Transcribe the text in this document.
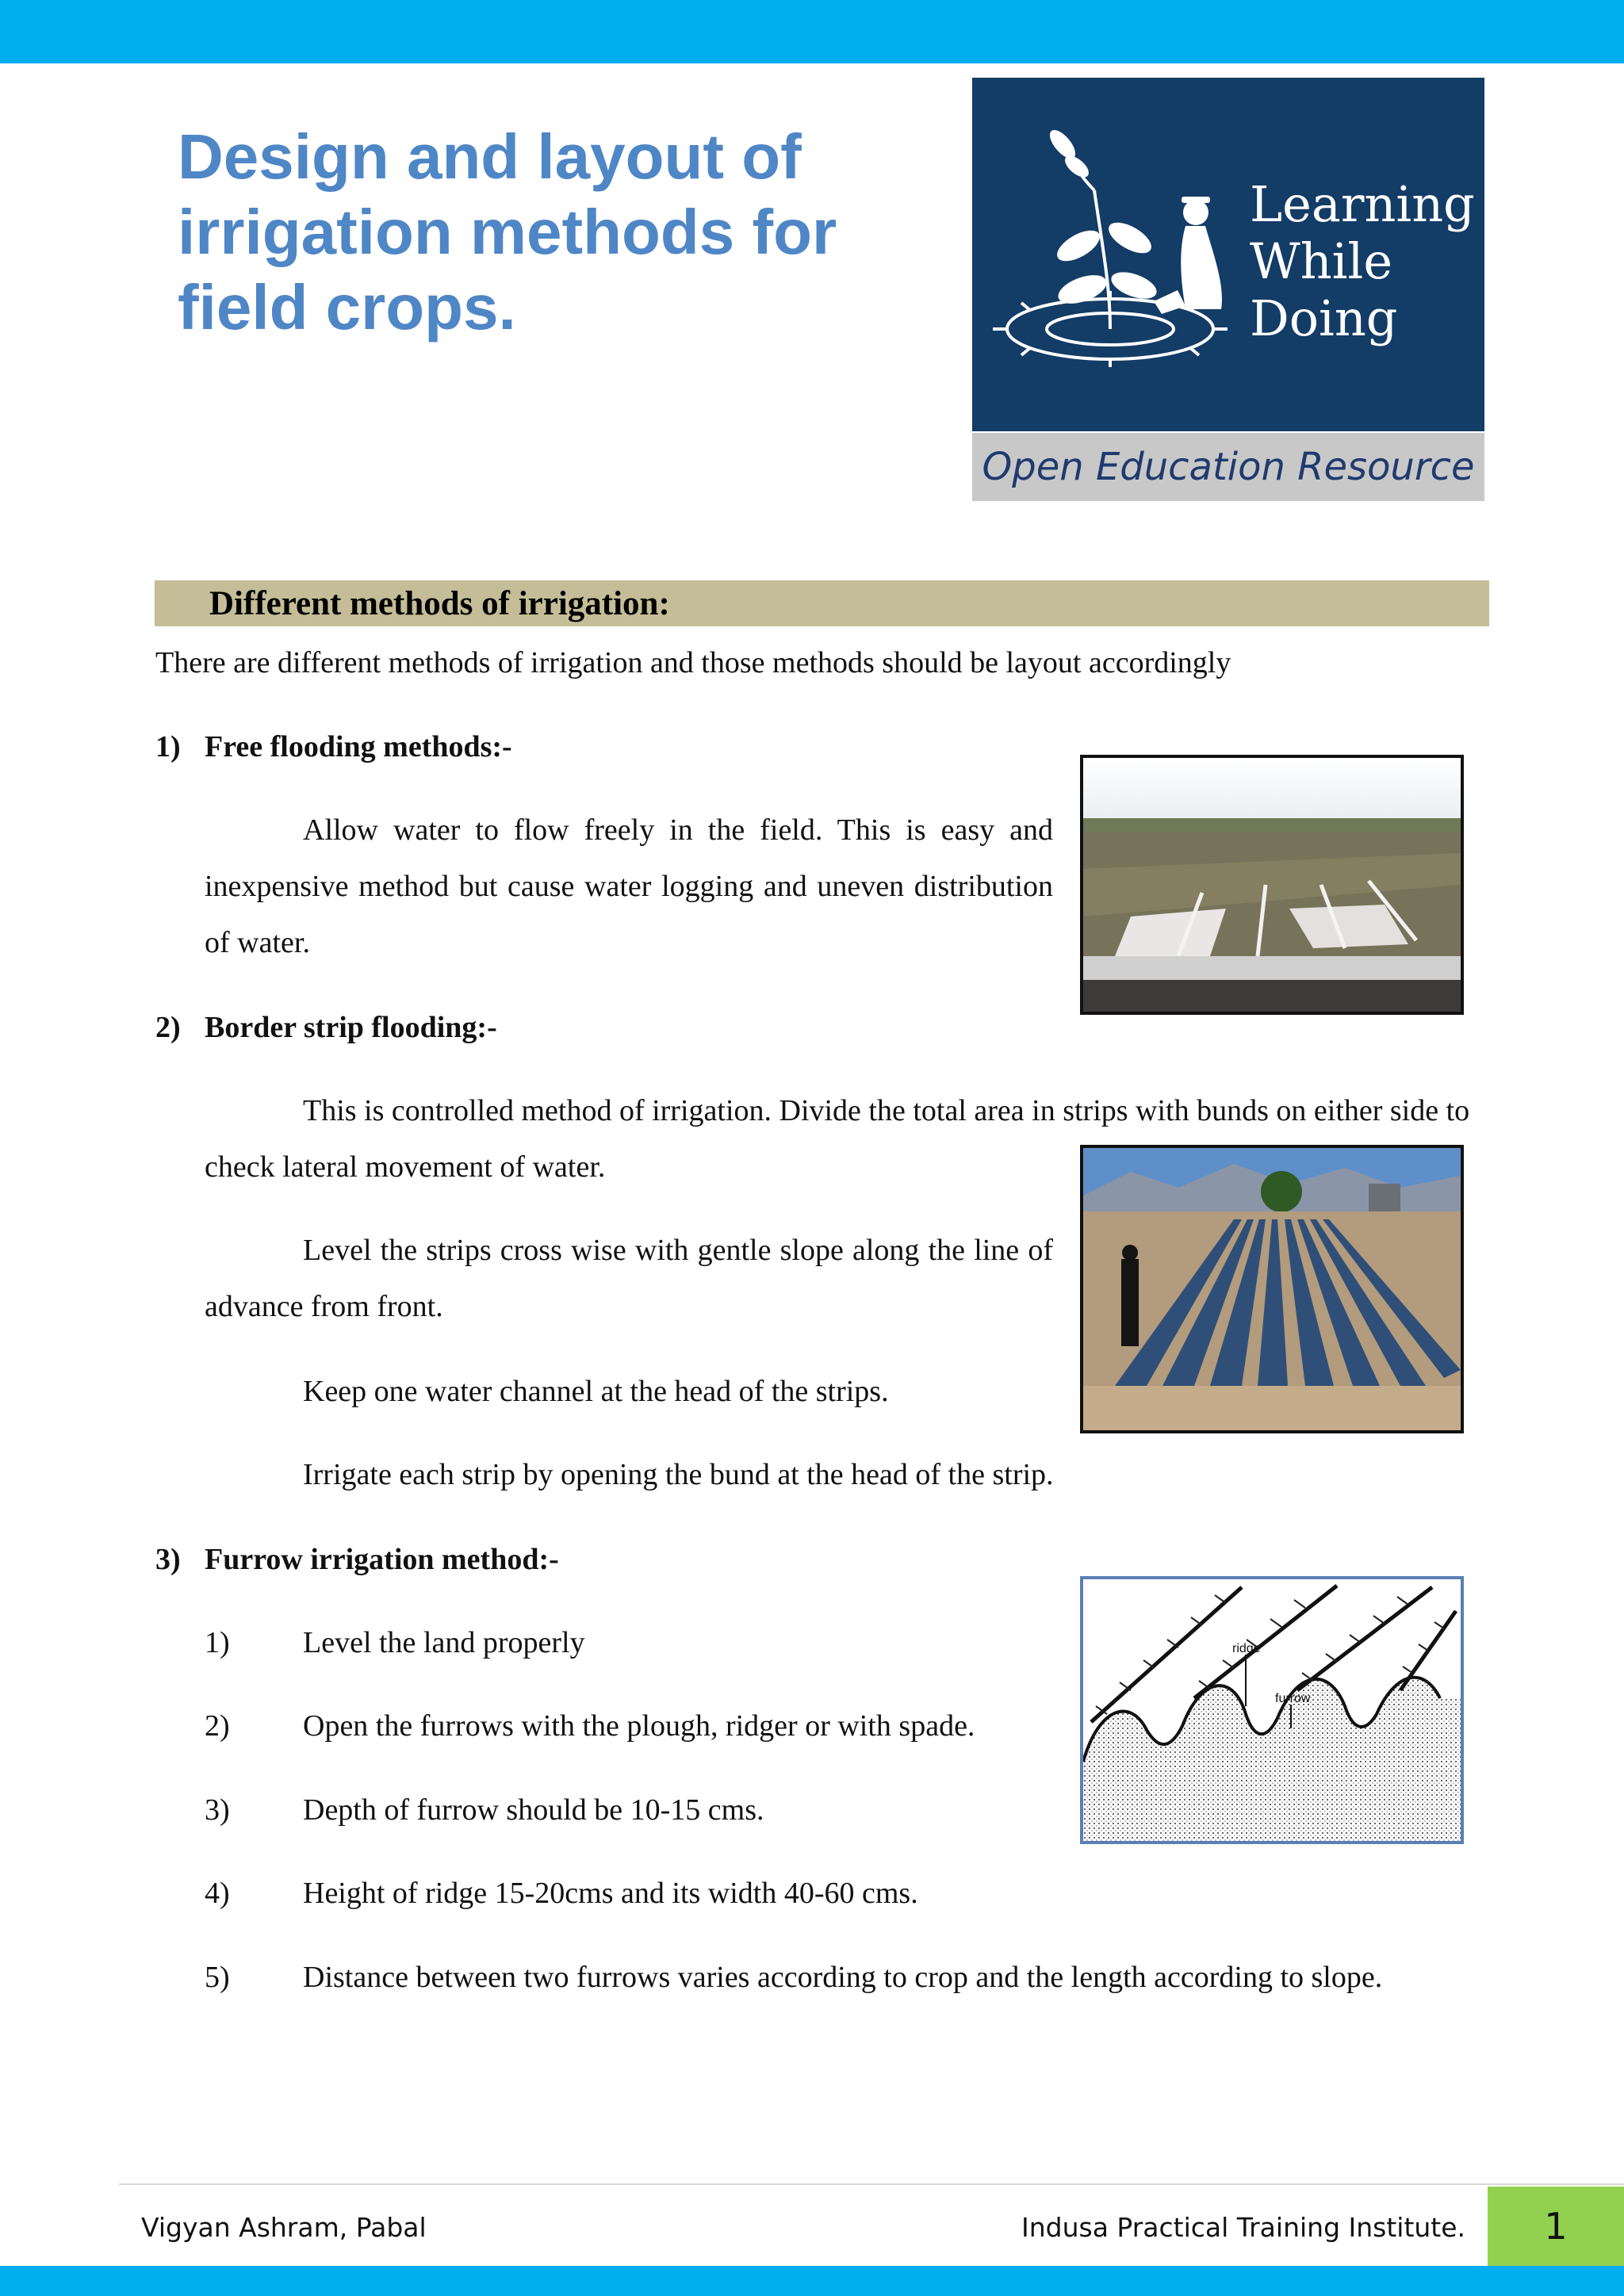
Design and layout of irrigation methods for field crops.
Learning
While
Doing
Open Education Resource
Different methods of irrigation:
There are different methods of irrigation and those methods should be layout accordingly
1) Free flooding methods:-
Allow water to flow freely in the field. This is easy and inexpensive method but cause water logging and uneven distribution of water.
2) Border strip flooding:-
This is controlled method of irrigation. Divide the total area in strips with bunds on either side to check lateral movement of water.
Level the strips cross wise with gentle slope along the line of advance from front.
Keep one water channel at the head of the strips.
Irrigate each strip by opening the bund at the head of the strip.
3) Furrow irrigation method:-
1) Level the land properly
2) Open the furrows with the plough, ridger or with spade.
3) Depth of furrow should be 10-15 cms.
4) Height of ridge 15-20cms and its width 40-60 cms.
5) Distance between two furrows varies according to crop and the length according to slope.
ridge
furrow
Vigyan Ashram, Pabal	Indusa Practical Training Institute.	1
